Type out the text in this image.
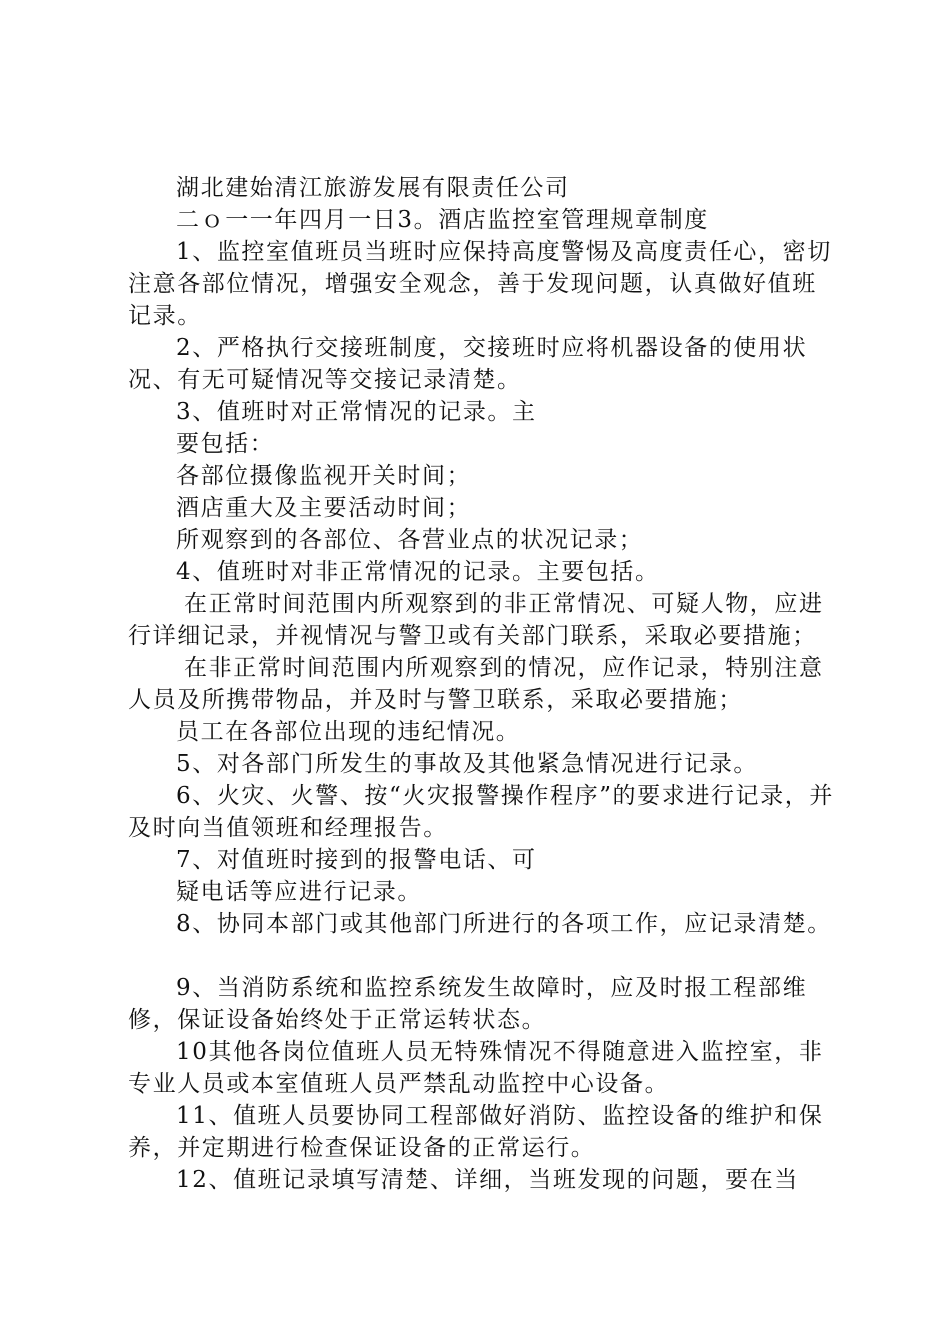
湖北建始清江旅游发展有限责任公司

二ｏ一一年四月一日3。酒店监控室管理规章制度

1、监控室值班员当班时应保持高度警惕及高度责任心，密切注意各部位情况，增强安全观念，善于发现问题，认真做好值班记录。

2、严格执行交接班制度，交接班时应将机器设备的使用状况、有无可疑情况等交接记录清楚。

3、值班时对正常情况的记录。主

要包括：

各部位摄像监视开关时间；

酒店重大及主要活动时间；

所观察到的各部位、各营业点的状况记录；

4、值班时对非正常情况的记录。主要包括。

在正常时间范围内所观察到的非正常情况、可疑人物，应进行详细记录，并视情况与警卫或有关部门联系，采取必要措施；

在非正常时间范围内所观察到的情况，应作记录，特别注意人员及所携带物品，并及时与警卫联系，采取必要措施；

员工在各部位出现的违纪情况。

5、对各部门所发生的事故及其他紧急情况进行记录。

6、火灾、火警、按“火灾报警操作程序”的要求进行记录，并及时向当值领班和经理报告。

7、对值班时接到的报警电话、可

疑电话等应进行记录。

8、协同本部门或其他部门所进行的各项工作，应记录清楚。

9、当消防系统和监控系统发生故障时，应及时报工程部维修，保证设备始终处于正常运转状态。

10其他各岗位值班人员无特殊情况不得随意进入监控室，非专业人员或本室值班人员严禁乱动监控中心设备。

11、值班人员要协同工程部做好消防、监控设备的维护和保养，并定期进行检查保证设备的正常运行。

12、值班记录填写清楚、详细，当班发现的问题，要在当
